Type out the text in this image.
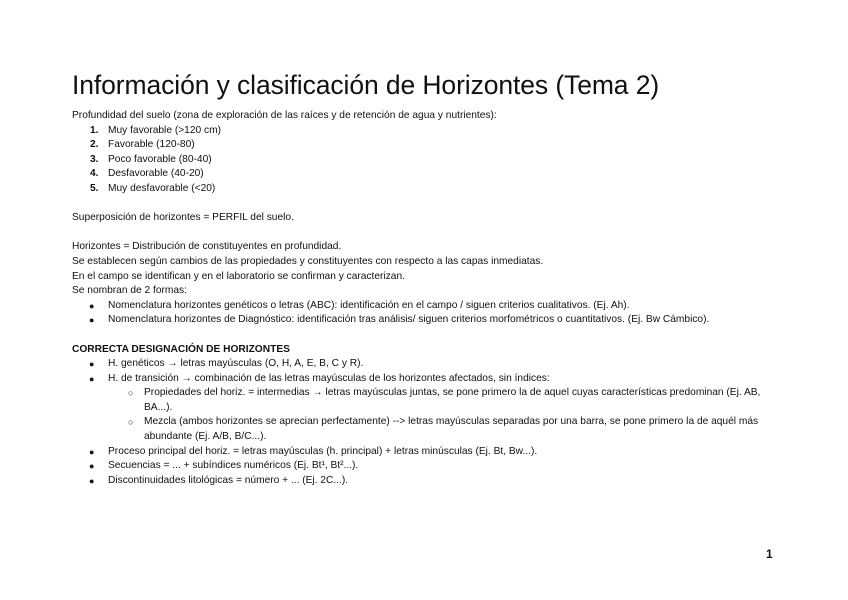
Información y clasificación de Horizontes (Tema 2)

Profundidad del suelo (zona de exploración de las raíces y de retención de agua y nutrientes):

1. Muy favorable (>120 cm)
2. Favorable (120-80)
3. Poco favorable (80-40)
4. Desfavorable (40-20)
5. Muy desfavorable (<20)

Superposición de horizontes = PERFIL del suelo.

Horizontes = Distribución de constituyentes en profundidad.

Se establecen según cambios de las propiedades y constituyentes con respecto a las capas inmediatas.

En el campo se identifican y en el laboratorio se confirman y caracterizan.

Se nombran de 2 formas:

● Nomenclatura horizontes genéticos o letras (ABC): identificación en el campo / siguen criterios cualitativos. (Ej. Ah).
● Nomenclatura horizontes de Diagnóstico: identificación tras análisis/ siguen criterios morfométricos o cuantitativos. (Ej. Bw Cámbico).

CORRECTA DESIGNACIÓN DE HORIZONTES

● H. genéticos → letras mayúsculas (O, H, A, E, B, C y R).
● H. de transición → combinación de las letras mayúsculas de los horizontes afectados, sin índices:
○ Propiedades del horiz. = intermedias → letras mayúsculas juntas, se pone primero la de aquel cuyas características predominan (Ej. AB, BA...).
○ Mezcla (ambos horizontes se aprecian perfectamente) --> letras mayúsculas separadas por una barra, se pone primero la de aquél más abundante (Ej. A/B, B/C...).
● Proceso principal del horiz. = letras mayúsculas (h. principal) + letras minúsculas (Ej. Bt, Bw...).
● Secuencias = ... + subíndices numéricos (Ej. Bt¹, Bt²...).
● Discontinuidades litológicas = número + ... (Ej. 2C...).
1
